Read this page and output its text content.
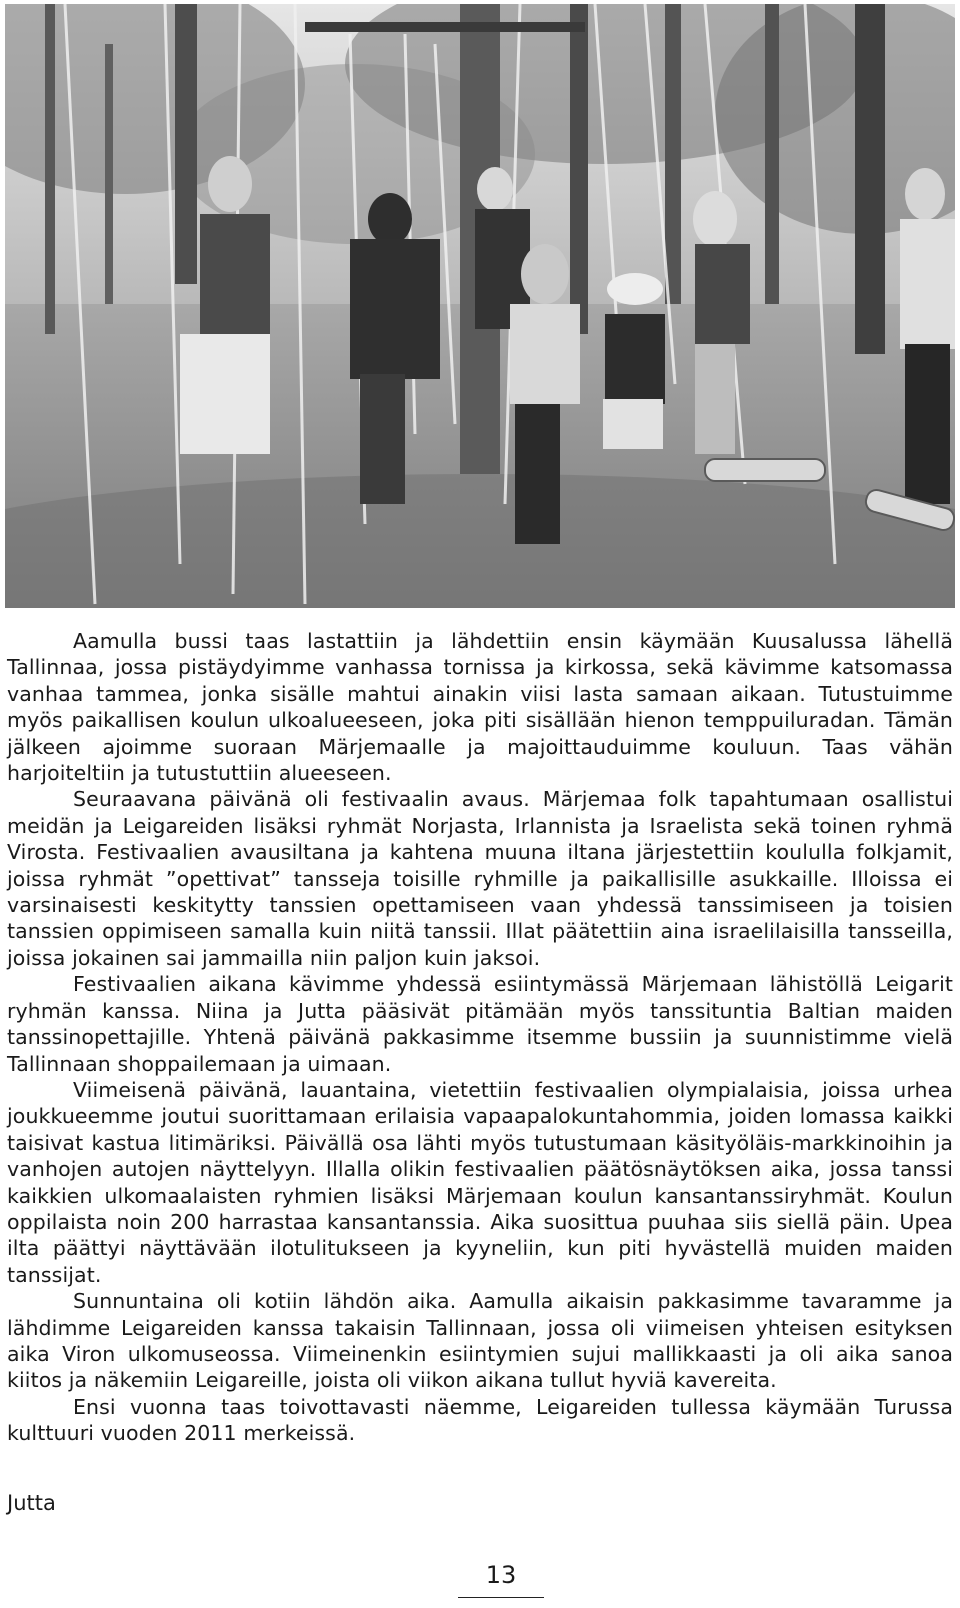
Aamulla bussi taas lastattiin ja lähdettiin ensin käymään Kuusalussa lähellä Tallinnaa, jossa pistäydyimme vanhassa tornissa ja kirkossa, sekä kävimme katsomassa vanhaa tammea, jonka sisälle mahtui ainakin viisi lasta samaan aikaan. Tutustuimme myös paikallisen koulun ulkoalueeseen, joka piti sisällään hienon temppuiluradan. Tämän jälkeen ajoimme suoraan Märjemaalle ja majoittauduimme kouluun. Taas vähän harjoiteltiin ja tutustuttiin alueeseen.

Seuraavana päivänä oli festivaalin avaus. Märjemaa folk tapahtumaan osallistui meidän ja Leigareiden lisäksi ryhmät Norjasta, Irlannista ja Israelista sekä toinen ryhmä Virosta. Festivaalien avausiltana ja kahtena muuna iltana järjestettiin koululla folkjamit, joissa ryhmät ”opettivat” tansseja toisille ryhmille ja paikallisille asukkaille. Illoissa ei varsinaisesti keskitytty tanssien opettamiseen vaan yhdessä tanssimiseen ja toisien tanssien oppimiseen samalla kuin niitä tanssii. Illat päätettiin aina israelilaisilla tansseilla, joissa jokainen sai jammailla niin paljon kuin jaksoi.

Festivaalien aikana kävimme yhdessä esiintymässä Märjemaan lähistöllä Leigarit ryhmän kanssa. Niina ja Jutta pääsivät pitämään myös tanssituntia Baltian maiden tanssinopettajille. Yhtenä päivänä pakkasimme itsemme bussiin ja suunnistimme vielä Tallinnaan shoppailemaan ja uimaan.

Viimeisenä päivänä, lauantaina, vietettiin festivaalien olympialaisia, joissa urhea joukkueemme joutui suorittamaan erilaisia vapaapalokuntahommia, joiden lomassa kaikki taisivat kastua litimäriksi. Päivällä osa lähti myös tutustumaan käsityöläis-markkinoihin ja vanhojen autojen näyttelyyn. Illalla olikin festivaalien päätösnäytöksen aika, jossa tanssi kaikkien ulkomaalaisten ryhmien lisäksi Märjemaan koulun kansantanssiryhmät. Koulun oppilaista noin 200 harrastaa kansantanssia. Aika suosittua puuhaa siis siellä päin. Upea ilta päättyi näyttävään ilotulitukseen ja kyyneliin, kun piti hyvästellä muiden maiden tanssijat.

Sunnuntaina oli kotiin lähdön aika. Aamulla aikaisin pakkasimme tavaramme ja lähdimme Leigareiden kanssa takaisin Tallinnaan, jossa oli viimeisen yhteisen esityksen aika Viron ulkomuseossa. Viimeinenkin esiintymien sujui mallikkaasti ja oli aika sanoa kiitos ja näkemiin Leigareille, joista oli viikon aikana tullut hyviä kavereita.

Ensi vuonna taas toivottavasti näemme, Leigareiden tullessa käymään Turussa kulttuuri vuoden 2011 merkeissä.

Jutta
13
